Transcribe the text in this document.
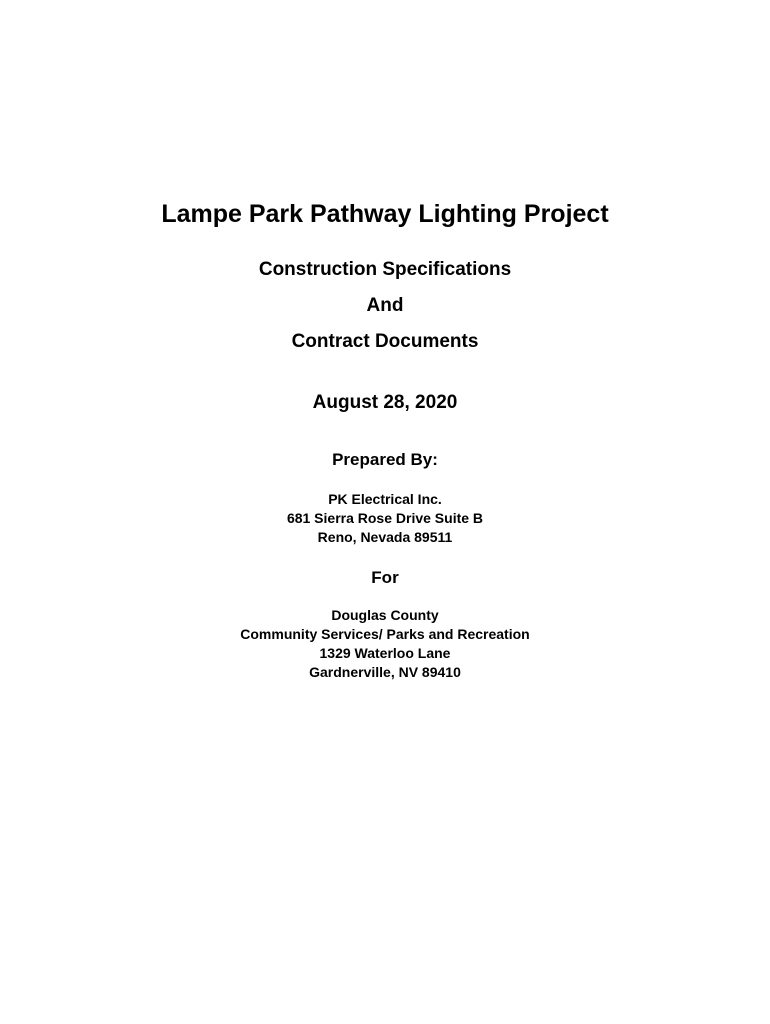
Lampe Park Pathway Lighting Project
Construction Specifications
And
Contract Documents
August 28, 2020
Prepared By:
PK Electrical Inc.
681 Sierra Rose Drive Suite B
Reno, Nevada 89511
For
Douglas County
Community Services/ Parks and Recreation
1329 Waterloo Lane
Gardnerville, NV 89410
